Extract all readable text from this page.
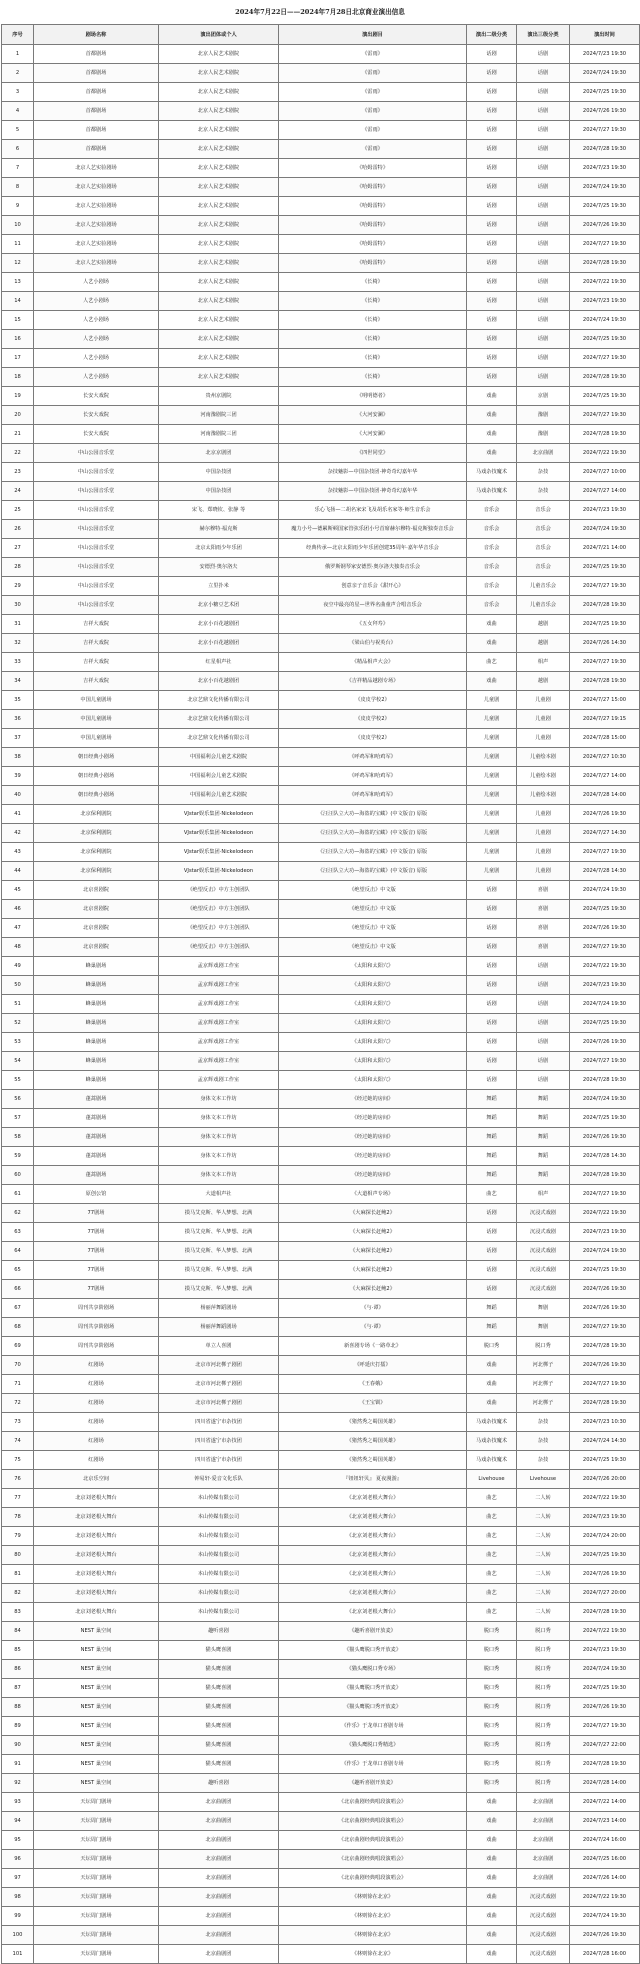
2024年7月22日——2024年7月28日北京商业演出信息
序号	剧场名称	演出团体或个人	演出剧目	演出二级分类	演出三级分类	演出时间
1	首都剧场	北京人民艺术剧院	《雷雨》	话剧	话剧	2024/7/23 19:30
2	首都剧场	北京人民艺术剧院	《雷雨》	话剧	话剧	2024/7/24 19:30
3	首都剧场	北京人民艺术剧院	《雷雨》	话剧	话剧	2024/7/25 19:30
4	首都剧场	北京人民艺术剧院	《雷雨》	话剧	话剧	2024/7/26 19:30
5	首都剧场	北京人民艺术剧院	《雷雨》	话剧	话剧	2024/7/27 19:30
6	首都剧场	北京人民艺术剧院	《雷雨》	话剧	话剧	2024/7/28 19:30
7	北京人艺实验剧场	北京人民艺术剧院	《哈姆雷特》	话剧	话剧	2024/7/23 19:30
8	北京人艺实验剧场	北京人民艺术剧院	《哈姆雷特》	话剧	话剧	2024/7/24 19:30
9	北京人艺实验剧场	北京人民艺术剧院	《哈姆雷特》	话剧	话剧	2024/7/25 19:30
10	北京人艺实验剧场	北京人民艺术剧院	《哈姆雷特》	话剧	话剧	2024/7/26 19:30
11	北京人艺实验剧场	北京人民艺术剧院	《哈姆雷特》	话剧	话剧	2024/7/27 19:30
12	北京人艺实验剧场	北京人民艺术剧院	《哈姆雷特》	话剧	话剧	2024/7/28 19:30
13	人艺小剧场	北京人民艺术剧院	《长椅》	话剧	话剧	2024/7/22 19:30
14	人艺小剧场	北京人民艺术剧院	《长椅》	话剧	话剧	2024/7/23 19:30
15	人艺小剧场	北京人民艺术剧院	《长椅》	话剧	话剧	2024/7/24 19:30
16	人艺小剧场	北京人民艺术剧院	《长椅》	话剧	话剧	2024/7/25 19:30
17	人艺小剧场	北京人民艺术剧院	《长椅》	话剧	话剧	2024/7/27 19:30
18	人艺小剧场	北京人民艺术剧院	《长椅》	话剧	话剧	2024/7/28 19:30
19	长安大戏院	贵州京剧院	《明明德者》	戏曲	京剧	2024/7/25 19:30
20	长安大戏院	河南豫剧院三团	《大河安澜》	戏曲	豫剧	2024/7/27 19:30
21	长安大戏院	河南豫剧院三团	《大河安澜》	戏曲	豫剧	2024/7/28 19:30
22	中山公园音乐堂	北京京剧团	《四世同堂》	戏曲	北京曲剧	2024/7/22 19:30
23	中山公园音乐堂	中国杂技团	杂技魅影—中国杂技团·神奇奇幻嘉年华	马戏杂技魔术	杂技	2024/7/27 10:00
24	中山公园音乐堂	中国杂技团	杂技魅影—中国杂技团·神奇奇幻嘉年华	马戏杂技魔术	杂技	2024/7/27 14:00
25	中山公园音乐堂	宋飞、郑晓钦、张静 等	乐心飞扬—二胡名家宋飞及胡乐名家等·师生音乐会	音乐会	音乐会	2024/7/23 19:30
26	中山公园音乐堂	赫尔穆特·福克斯	魔力小号—德累斯顿国家管弦乐团小号首席赫尔穆特·福克斯独奏音乐会	音乐会	音乐会	2024/7/24 19:30
27	中山公园音乐堂	北京太阳雨少年乐团	经典传承—北京太阳雨少年乐团创建35周年·嘉年华音乐会	音乐会	音乐会	2024/7/21 14:00
28	中山公园音乐堂	安德烈·奥尔洛夫	俄罗斯钢琴家安德烈·奥尔洛夫独奏音乐会	音乐会	音乐会	2024/7/25 19:30
29	中山公园音乐堂	立里扑米	创意亲子音乐会《甜开心》	音乐会	儿童音乐会	2024/7/27 19:30
30	中山公园音乐堂	北京小糖豆艺术团	夜空中最亮的星—世界名曲童声合唱音乐会	音乐会	儿童音乐会	2024/7/28 19:30
31	吉祥大戏院	北京小百花越剧团	《五女拜寿》	戏曲	越剧	2024/7/25 19:30
32	吉祥大戏院	北京小百花越剧团	《梁山伯与祝英台》	戏曲	越剧	2024/7/26 14:30
33	吉祥大戏院	红星相声社	《精品相声大会》	曲艺	相声	2024/7/27 19:30
34	吉祥大戏院	北京小百花越剧团	《吉祥精品越剧专场》	戏曲	越剧	2024/7/28 19:30
35	中国儿童剧场	北京艺鼎文化传播有限公司	《皮皮学校2》	儿童剧	儿童剧	2024/7/27 15:00
36	中国儿童剧场	北京艺鼎文化传播有限公司	《皮皮学校2》	儿童剧	儿童剧	2024/7/27 19:15
37	中国儿童剧场	北京艺鼎文化传播有限公司	《皮皮学校2》	儿童剧	儿童剧	2024/7/28 15:00
38	朝日经典小剧场	中国福利会儿童艺术剧院	《呼鸡军和哈鸡军》	儿童剧	儿童绘本剧	2024/7/27 10:30
39	朝日经典小剧场	中国福利会儿童艺术剧院	《呼鸡军和哈鸡军》	儿童剧	儿童绘本剧	2024/7/27 14:00
40	朝日经典小剧场	中国福利会儿童艺术剧院	《呼鸡军和哈鸡军》	儿童剧	儿童绘本剧	2024/7/28 14:00
41	北京保利剧院	VJstar娱乐集团·Nickelodeon	《汪汪队立大功—海盗的宝藏》(中文版音) 原版	儿童剧	儿童剧	2024/7/26 19:30
42	北京保利剧院	VJstar娱乐集团·Nickelodeon	《汪汪队立大功—海盗的宝藏》(中文版音) 原版	儿童剧	儿童剧	2024/7/27 14:30
43	北京保利剧院	VJstar娱乐集团·Nickelodeon	《汪汪队立大功—海盗的宝藏》(中文版音) 原版	儿童剧	儿童剧	2024/7/27 19:30
44	北京保利剧院	VJstar娱乐集团·Nickelodeon	《汪汪队立大功—海盗的宝藏》(中文版音) 原版	儿童剧	儿童剧	2024/7/28 14:30
45	北京喜剧院	《绝望反击》中方主创团队	《绝望反击》中文版	话剧	喜剧	2024/7/24 19:30
46	北京喜剧院	《绝望反击》中方主创团队	《绝望反击》中文版	话剧	喜剧	2024/7/25 19:30
47	北京喜剧院	《绝望反击》中方主创团队	《绝望反击》中文版	话剧	喜剧	2024/7/26 19:30
48	北京喜剧院	《绝望反击》中方主创团队	《绝望反击》中文版	话剧	喜剧	2024/7/27 19:30
49	蜂巢剧场	孟京辉戏剧工作室	《太阳和太阳穴》	话剧	话剧	2024/7/22 19:30
50	蜂巢剧场	孟京辉戏剧工作室	《太阳和太阳穴》	话剧	话剧	2024/7/23 19:30
51	蜂巢剧场	孟京辉戏剧工作室	《太阳和太阳穴》	话剧	话剧	2024/7/24 19:30
52	蜂巢剧场	孟京辉戏剧工作室	《太阳和太阳穴》	话剧	话剧	2024/7/25 19:30
53	蜂巢剧场	孟京辉戏剧工作室	《太阳和太阳穴》	话剧	话剧	2024/7/26 19:30
54	蜂巢剧场	孟京辉戏剧工作室	《太阳和太阳穴》	话剧	话剧	2024/7/27 19:30
55	蜂巢剧场	孟京辉戏剧工作室	《太阳和太阳穴》	话剧	话剧	2024/7/28 19:30
56	蓬蒿剧场	身体文本工作坊	《经过她的房间》	舞蹈	舞蹈	2024/7/24 19:30
57	蓬蒿剧场	身体文本工作坊	《经过她的房间》	舞蹈	舞蹈	2024/7/25 19:30
58	蓬蒿剧场	身体文本工作坊	《经过她的房间》	舞蹈	舞蹈	2024/7/26 19:30
59	蓬蒿剧场	身体文本工作坊	《经过她的房间》	舞蹈	舞蹈	2024/7/28 14:30
60	蓬蒿剧场	身体文本工作坊	《经过她的房间》	舞蹈	舞蹈	2024/7/28 19:30
61	原创公馆	大道相声社	《大道相声专场》	曲艺	相声	2024/7/27 19:30
62	77剧场	摸马艾克斯、华人梦想、北满	《大麻探长赶鲍2》	话剧	沉浸式戏剧	2024/7/22 19:30
63	77剧场	摸马艾克斯、华人梦想、北满	《大麻探长赶鲍2》	话剧	沉浸式戏剧	2024/7/23 19:30
64	77剧场	摸马艾克斯、华人梦想、北满	《大麻探长赶鲍2》	话剧	沉浸式戏剧	2024/7/24 19:30
65	77剧场	摸马艾克斯、华人梦想、北满	《大麻探长赶鲍2》	话剧	沉浸式戏剧	2024/7/25 19:30
66	77剧场	摸马艾克斯、华人梦想、北满	《大麻探长赶鲍2》	话剧	沉浸式戏剧	2024/7/26 19:30
67	周刊共享阶剧场	杨丽萍舞蹈剧场	《与·谭》	舞蹈	舞剧	2024/7/26 19:30
68	周刊共享阶剧场	杨丽萍舞蹈剧场	《与·谭》	舞蹈	舞剧	2024/7/27 19:30
69	周刊共享阶剧场	单立人喜剧	新喜剧专场《一路草北》	脱口秀	脱口秀	2024/7/28 19:30
70	红剧场	北京市河北梆子剧团	《呼延庆打擂》	戏曲	河北梆子	2024/7/26 19:30
71	红剧场	北京市河北梆子剧团	《王春娥》	戏曲	河北梆子	2024/7/27 19:30
72	红剧场	北京市河北梆子剧团	《王宝钏》	戏曲	河北梆子	2024/7/28 19:30
73	红剧场	四川省遂宁市杂技团	《猪然秀之蜀国英雄》	马戏杂技魔术	杂技	2024/7/23 10:30
74	红剧场	四川省遂宁市杂技团	《猪然秀之蜀国英雄》	马戏杂技魔术	杂技	2024/7/24 14:30
75	红剧场	四川省遂宁市杂技团	《猪然秀之蜀国英雄》	马戏杂技魔术	杂技	2024/7/25 19:30
76	北京乐空间	钟易轩·爱音文化乐队	『钮钮轩贝』 夏夜漫游』	Livehouse	Livehouse	2024/7/26 20:00
77	北京刘老根大舞台	本山传媒有限公司	《北京刘老根大舞台》	曲艺	二人转	2024/7/22 19:30
78	北京刘老根大舞台	本山传媒有限公司	《北京刘老根大舞台》	曲艺	二人转	2024/7/23 19:30
79	北京刘老根大舞台	本山传媒有限公司	《北京刘老根大舞台》	曲艺	二人转	2024/7/24 20:00
80	北京刘老根大舞台	本山传媒有限公司	《北京刘老根大舞台》	曲艺	二人转	2024/7/25 19:30
81	北京刘老根大舞台	本山传媒有限公司	《北京刘老根大舞台》	曲艺	二人转	2024/7/26 19:30
82	北京刘老根大舞台	本山传媒有限公司	《北京刘老根大舞台》	曲艺	二人转	2024/7/27 20:00
83	北京刘老根大舞台	本山传媒有限公司	《北京刘老根大舞台》	曲艺	二人转	2024/7/28 19:30
84	NEST 巢空间	趣听喜剧	《趣听喜剧开放麦》	脱口秀	脱口秀	2024/7/22 19:30
85	NEST 巢空间	猫头鹰喜剧	《猫头鹰脱口秀开放麦》	脱口秀	脱口秀	2024/7/23 19:30
86	NEST 巢空间	猫头鹰喜剧	《猫头鹰脱口秀专场》	脱口秀	脱口秀	2024/7/24 19:30
87	NEST 巢空间	猫头鹰喜剧	《猫头鹰脱口秀开放麦》	脱口秀	脱口秀	2024/7/25 19:30
88	NEST 巢空间	猫头鹰喜剧	《猫头鹰脱口秀开放麦》	脱口秀	脱口秀	2024/7/26 19:30
89	NEST 巢空间	猫头鹰喜剧	《作乐》于龙单口喜剧专场	脱口秀	脱口秀	2024/7/27 19:30
90	NEST 巢空间	猫头鹰喜剧	《猫头鹰脱口秀精选》	脱口秀	脱口秀	2024/7/27 22:00
91	NEST 巢空间	猫头鹰喜剧	《作乐》于龙单口喜剧专场	脱口秀	脱口秀	2024/7/28 19:30
92	NEST 巢空间	趣听喜剧	《趣听喜剧开放麦》	脱口秀	脱口秀	2024/7/28 14:00
93	天坛周门剧场	北京曲剧团	《北京曲剧经典唱段演唱会》	戏曲	北京曲剧	2024/7/22 14:00
94	天坛周门剧场	北京曲剧团	《北京曲剧经典唱段演唱会》	戏曲	北京曲剧	2024/7/23 14:00
95	天坛周门剧场	北京曲剧团	《北京曲剧经典唱段演唱会》	戏曲	北京曲剧	2024/7/24 16:00
96	天坛周门剧场	北京曲剧团	《北京曲剧经典唱段演唱会》	戏曲	北京曲剧	2024/7/25 16:00
97	天坛周门剧场	北京曲剧团	《北京曲剧经典唱段演唱会》	戏曲	北京曲剧	2024/7/26 14:00
98	天坛周门剧场	北京曲剧团	《林则徐在北京》	戏曲	沉浸式戏剧	2024/7/22 19:30
99	天坛周门剧场	北京曲剧团	《林则徐在北京》	戏曲	沉浸式戏剧	2024/7/24 19:30
100	天坛周门剧场	北京曲剧团	《林则徐在北京》	戏曲	沉浸式戏剧	2024/7/26 19:30
101	天坛周门剧场	北京曲剧团	《林则徐在北京》	戏曲	沉浸式戏剧	2024/7/28 16:00
